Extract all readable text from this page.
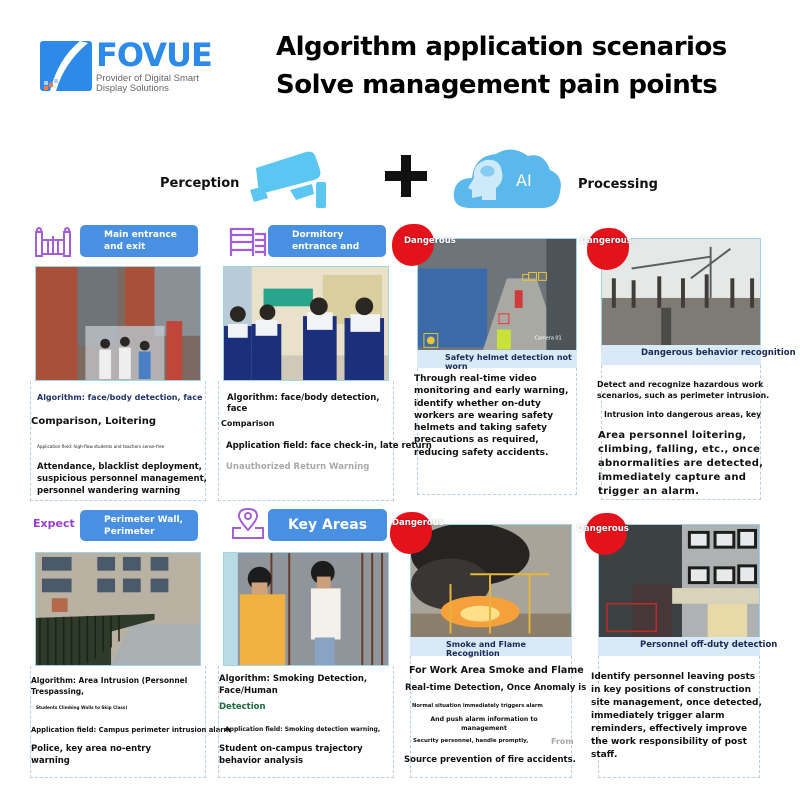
FOVUE
Provider of Digital Smart
Display Solutions
Algorithm application scenarios
Solve management pain points
Perception	AI	Processing
Main entrance
and exit
Algorithm: face/body detection, face
Comparison, Loitering
Application field: high-flow students and teachers sense-free
Attendance, blacklist deployment, suspicious personnel management, personnel wandering warning
Dormitory
entrance and
Algorithm: face/body detection, face
Comparison
Application field: face check-in, late return
Unauthorized Return Warning
Camera 01
Safety helmet detection not worn
Through real-time video monitoring and early warning, identify whether on-duty workers are wearing safety helmets and taking safety precautions as required, reducing safety accidents.
Dangerous
Dangerous behavior recognition
Detect and recognize hazardous work scenarios, such as perimeter intrusion.
Intrusion into dangerous areas, key
Area personnel loitering, climbing, falling, etc., once abnormalities are detected, immediately capture and trigger an alarm.
Dangerous
Expect	Perimeter Wall,
Perimeter
Algorithm: Area Intrusion (Personnel Trespassing,
Students Climbing Walls to Skip Class)
Application field: Campus perimeter intrusion alarm
Police, key area no-entry warning
Key Areas
Algorithm: Smoking Detection, Face/Human
Detection
Application field: Smoking detection warning,
Student on-campus trajectory behavior analysis
Smoke and Flame Recognition
For Work Area Smoke and Flame
Real-time Detection, Once Anomaly is
Normal situation immediately triggers alarm
And push alarm information to management
Security personnel, handle promptly,	From
Source prevention of fire accidents.
Dangerous
Personnel off-duty detection
Identify personnel leaving posts in key positions of construction site management, once detected, immediately trigger alarm reminders, effectively improve the work responsibility of post staff.
Dangerous
